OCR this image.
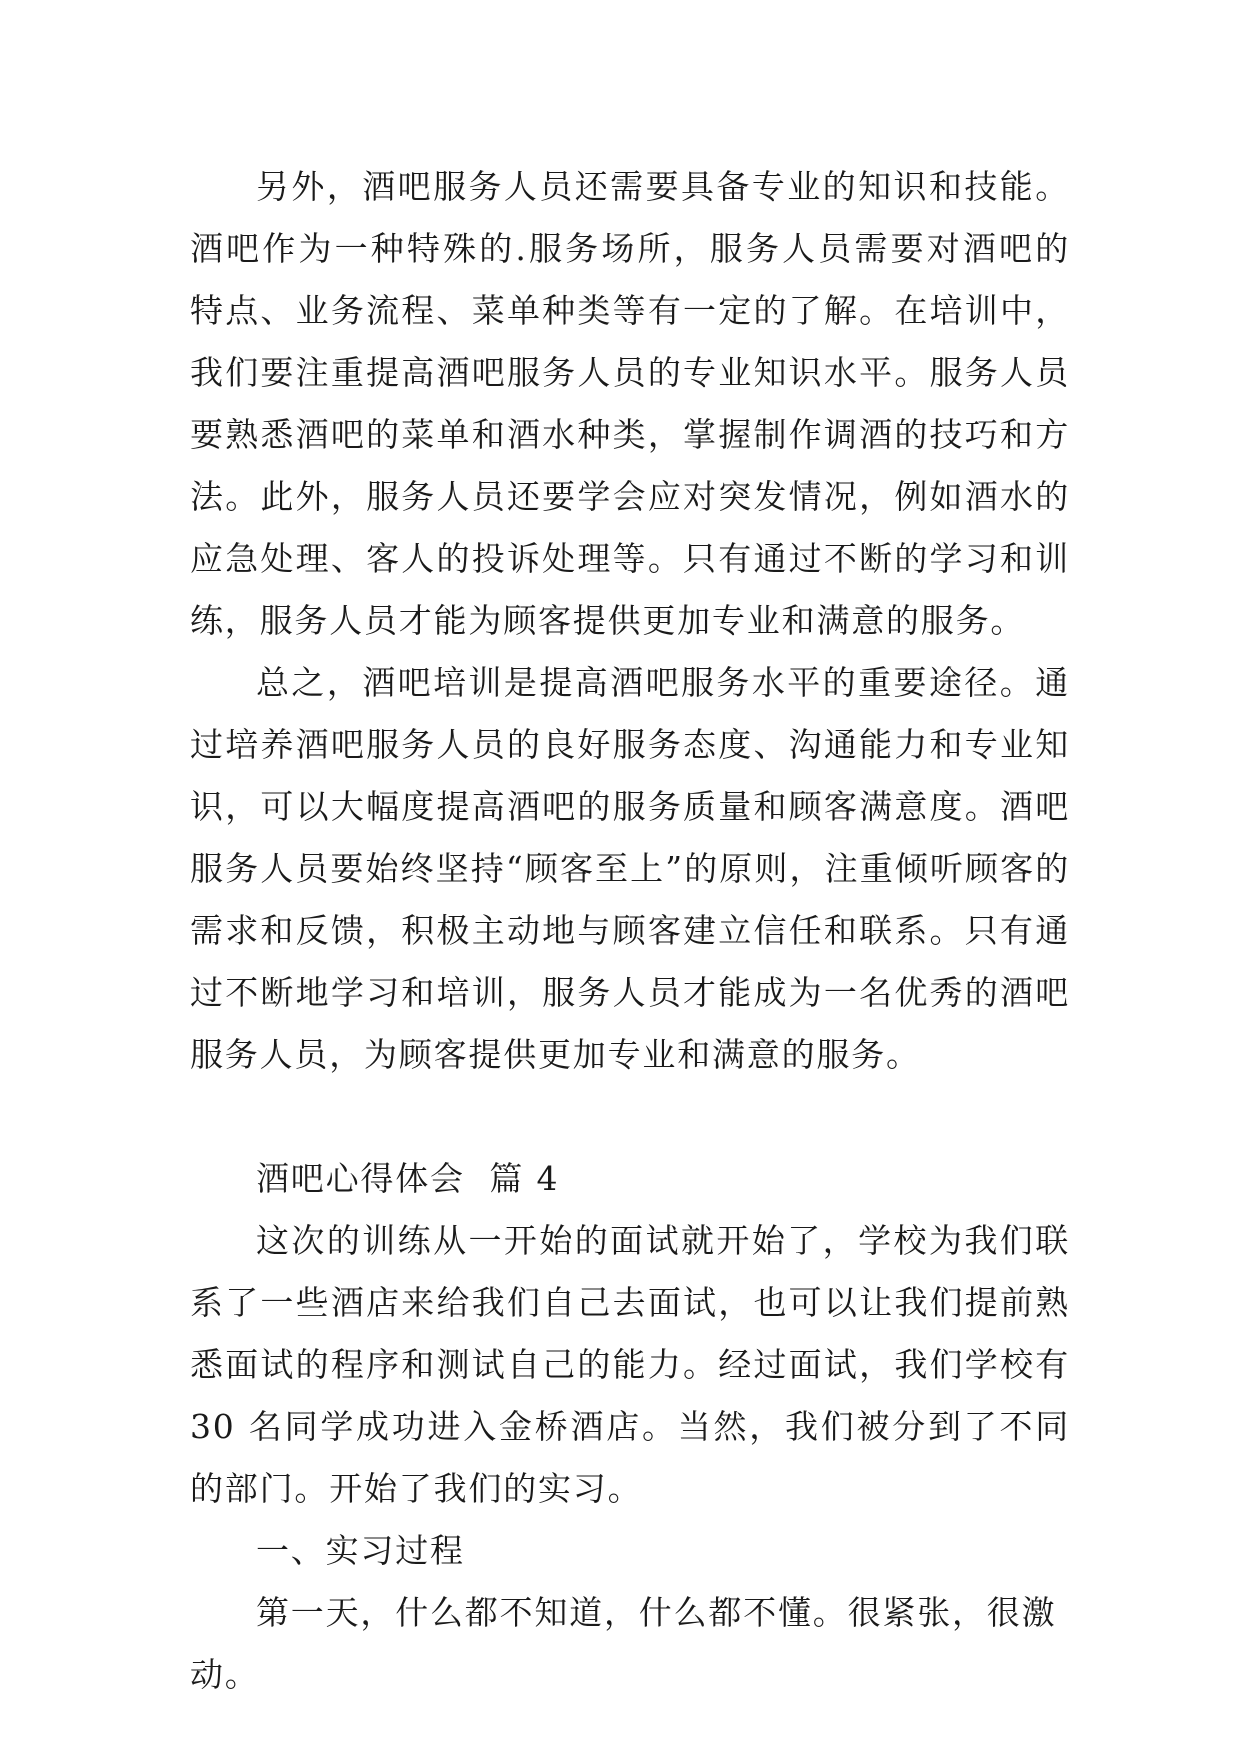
另外，酒吧服务人员还需要具备专业的知识和技能。酒吧作为一种特殊的.服务场所，服务人员需要对酒吧的特点、业务流程、菜单种类等有一定的了解。在培训中，我们要注重提高酒吧服务人员的专业知识水平。服务人员要熟悉酒吧的菜单和酒水种类，掌握制作调酒的技巧和方法。此外，服务人员还要学会应对突发情况，例如酒水的应急处理、客人的投诉处理等。只有通过不断的学习和训练，服务人员才能为顾客提供更加专业和满意的服务。

总之，酒吧培训是提高酒吧服务水平的重要途径。通过培养酒吧服务人员的良好服务态度、沟通能力和专业知识，可以大幅度提高酒吧的服务质量和顾客满意度。酒吧服务人员要始终坚持“顾客至上”的原则，注重倾听顾客的需求和反馈，积极主动地与顾客建立信任和联系。只有通过不断地学习和培训，服务人员才能成为一名优秀的酒吧服务人员，为顾客提供更加专业和满意的服务。

酒吧心得体会  篇 4

这次的训练从一开始的面试就开始了，学校为我们联系了一些酒店来给我们自己去面试，也可以让我们提前熟悉面试的程序和测试自己的能力。经过面试，我们学校有 30 名同学成功进入金桥酒店。当然，我们被分到了不同的部门。开始了我们的实习。

一、实习过程

第一天，什么都不知道，什么都不懂。很紧张，很激动。
